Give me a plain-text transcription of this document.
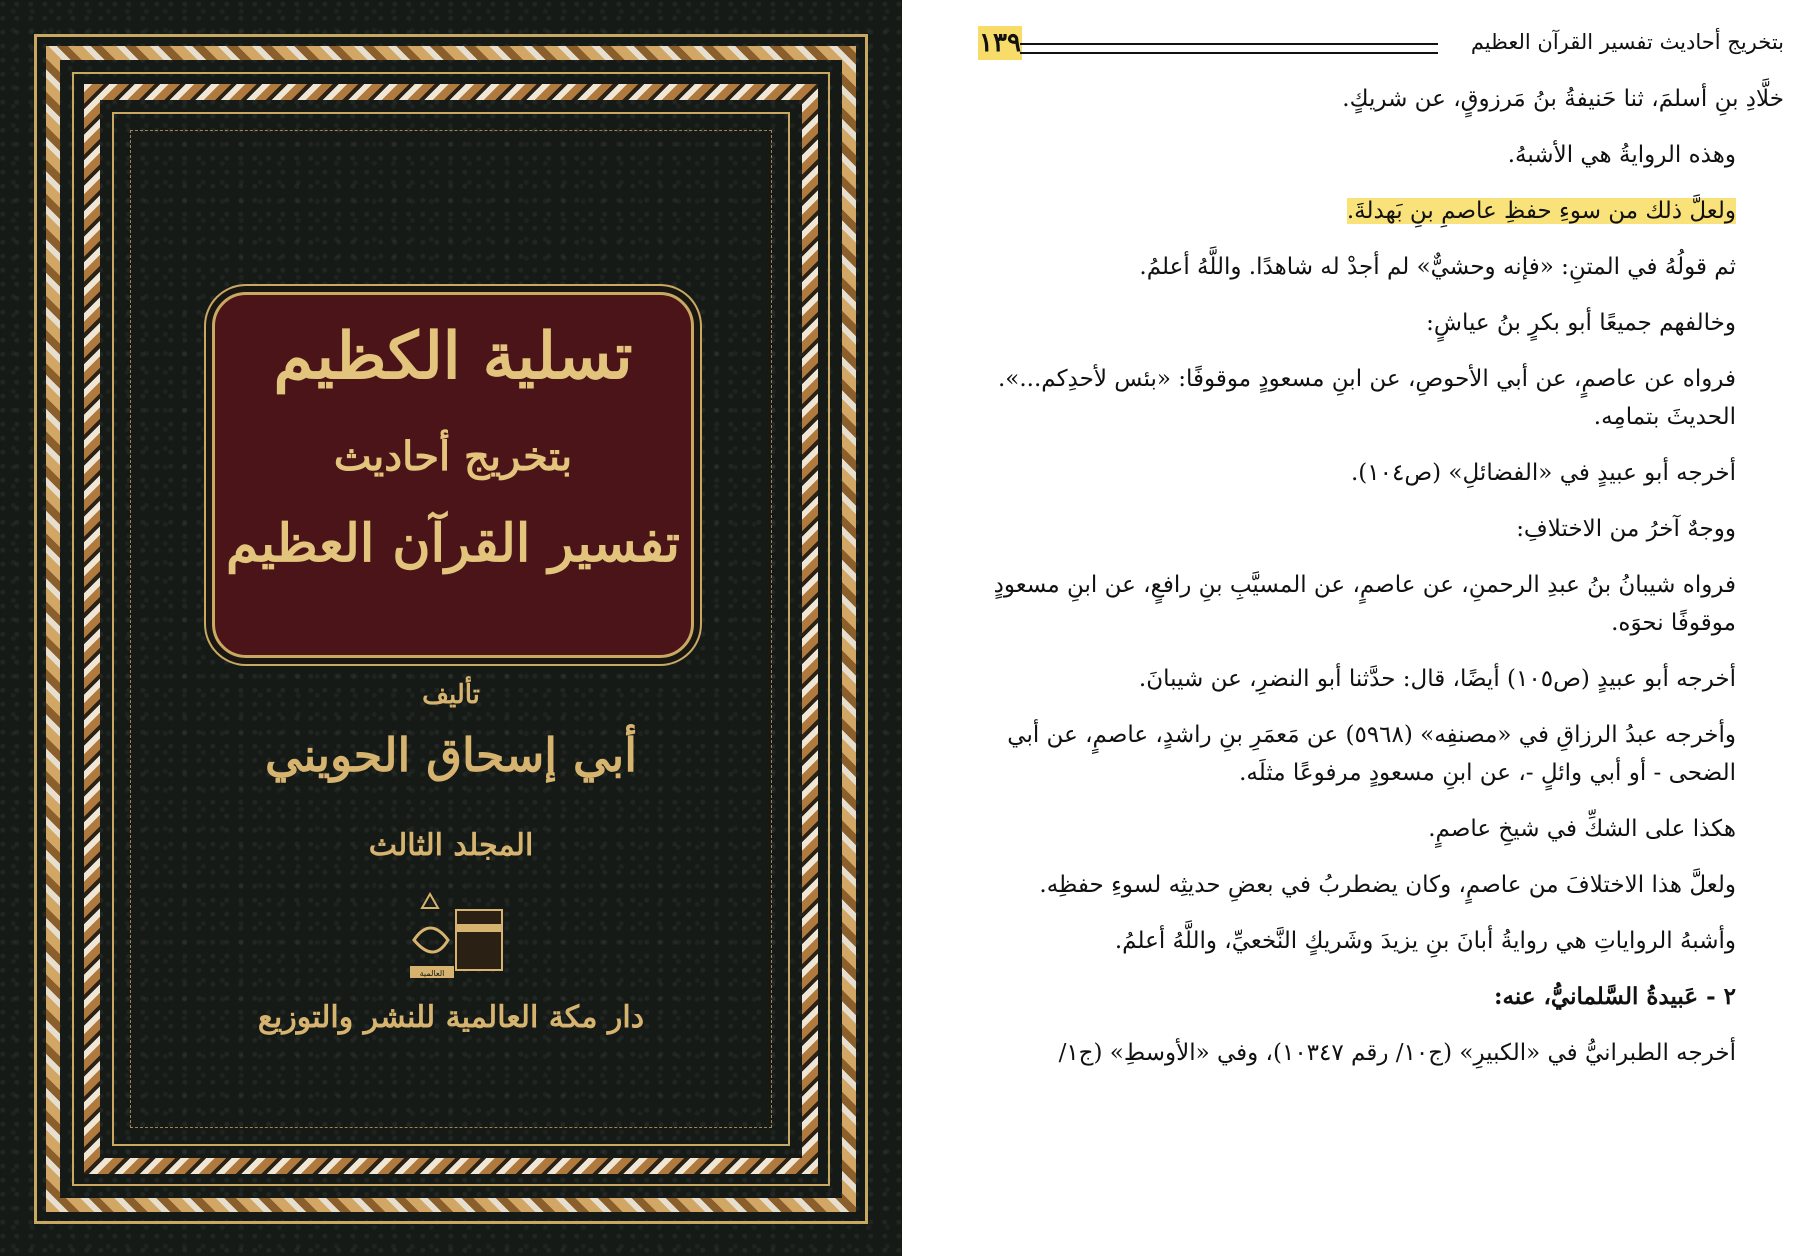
تسلية الكظيم
بتخريج أحاديث
تفسير القرآن العظيم
تأليف
أبي إسحاق الحويني
المجلد الثالث
العالمية
دار مكة العالمية للنشر والتوزيع
١٣٩	بتخريج أحاديث تفسير القرآن العظيم

خلَّادِ بنِ أسلمَ، ثنا حَنيفةُ بنُ مَرزوقٍ، عن شريكٍ.

وهذه الروايةُ هي الأشبهُ.

ولعلَّ ذلك من سوءِ حفظِ عاصمِ بنِ بَهدلةَ.

ثم قولُهُ في المتنِ: «فإنه وحشيٌّ» لم أجدْ له شاهدًا. واللَّهُ أعلمُ.

وخالفهم جميعًا أبو بكرٍ بنُ عياشٍ:

فرواه عن عاصمٍ، عن أبي الأحوصِ، عن ابنِ مسعودٍ موقوفًا: «بئس لأحدِكم...». الحديثَ بتمامِه.

أخرجه أبو عبيدٍ في «الفضائلِ» (ص١٠٤).

ووجهٌ آخرُ من الاختلافِ:

فرواه شيبانُ بنُ عبدِ الرحمنِ، عن عاصمٍ، عن المسيَّبِ بنِ رافعٍ، عن ابنِ مسعودٍ موقوفًا نحوَه.

أخرجه أبو عبيدٍ (ص١٠٥) أيضًا، قال: حدَّثنا أبو النضرِ، عن شيبانَ.

وأخرجه عبدُ الرزاقِ في «مصنفِه» (٥٩٦٨) عن مَعمَرِ بنِ راشدٍ، عاصمٍ، عن أبي الضحى - أو أبي وائلٍ -، عن ابنِ مسعودٍ مرفوعًا مثلَه.

هكذا على الشكِّ في شيخِ عاصمٍ.

ولعلَّ هذا الاختلافَ من عاصمٍ، وكان يضطربُ في بعضِ حديثِه لسوءِ حفظِه.

وأشبهُ الرواياتِ هي روايةُ أبانَ بنِ يزيدَ وشَريكٍ النَّخعيِّ، واللَّهُ أعلمُ.

٢ - عَبيدةُ السَّلمانيُّ، عنه:

أخرجه الطبرانيُّ في «الكبيرِ» (ج١٠/ رقم ١٠٣٤٧)، وفي «الأوسطِ» (ج١/
